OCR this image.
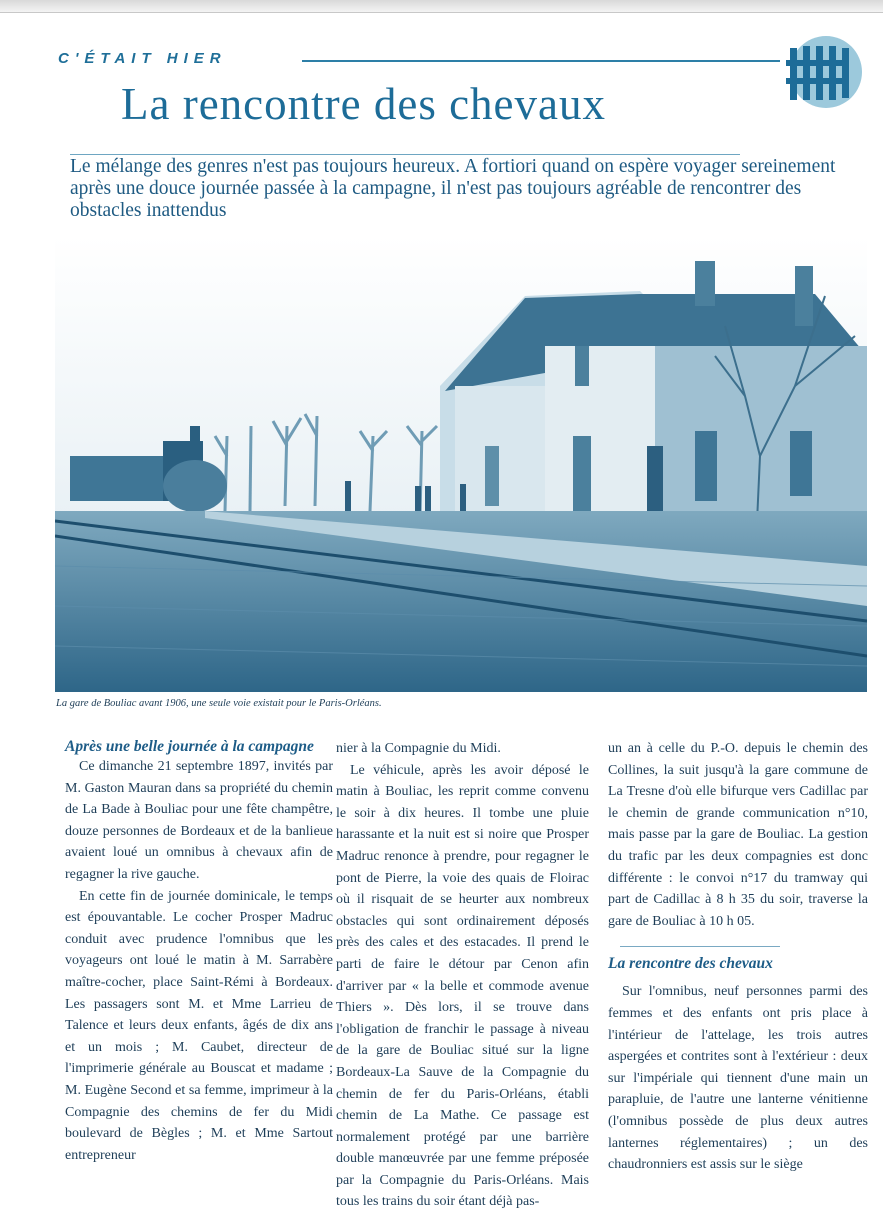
C'ÉTAIT HIER
La rencontre des chevaux
Le mélange des genres n'est pas toujours heureux. A fortiori quand on espère voyager sereinement après une douce journée passée à la campagne, il n'est pas toujours agréable de rencontrer des obstacles inattendus
La gare de Bouliac avant 1906, une seule voie existait pour le Paris-Orléans.
Après une belle journée à la campagne

Ce dimanche 21 septembre 1897, invités par M. Gaston Mauran dans sa propriété du chemin de La Bade à Bouliac pour une fête champêtre, douze personnes de Bordeaux et de la banlieue avaient loué un omnibus à chevaux afin de regagner la rive gauche.

En cette fin de journée dominicale, le temps est épouvantable. Le cocher Prosper Madruc conduit avec prudence l'omnibus que les voyageurs ont loué le matin à M. Sarrabère maître-cocher, place Saint-Rémi à Bordeaux. Les passagers sont M. et Mme Larrieu de Talence et leurs deux enfants, âgés de dix ans et un mois ; M. Caubet, directeur de l'imprimerie générale au Bouscat et madame ; M. Eugène Second et sa femme, imprimeur à la Compagnie des chemins de fer du Midi boulevard de Bègles ; M. et Mme Sartout entrepreneur

nier à la Compagnie du Midi.

Le véhicule, après les avoir déposé le matin à Bouliac, les reprit comme convenu le soir à dix heures. Il tombe une pluie harassante et la nuit est si noire que Prosper Madruc renonce à prendre, pour regagner le pont de Pierre, la voie des quais de Floirac où il risquait de se heurter aux nombreux obstacles qui sont ordinairement déposés près des cales et des estacades. Il prend le parti de faire le détour par Cenon afin d'arriver par « la belle et commode avenue Thiers ». Dès lors, il se trouve dans l'obligation de franchir le passage à niveau de la gare de Bouliac situé sur la ligne Bordeaux-La Sauve de la Compagnie du chemin de fer du Paris-Orléans, établi chemin de La Mathe. Ce passage est normalement protégé par une barrière double manœuvrée par une femme préposée par la Compagnie du Paris-Orléans. Mais tous les trains du soir étant déjà pas-

un an à celle du P.-O. depuis le chemin des Collines, la suit jusqu'à la gare commune de La Tresne d'où elle bifurque vers Cadillac par le chemin de grande communication n°10, mais passe par la gare de Bouliac. La gestion du trafic par les deux compagnies est donc différente : le convoi n°17 du tramway qui part de Cadillac à 8 h 35 du soir, traverse la gare de Bouliac à 10 h 05.

La rencontre des chevaux

Sur l'omnibus, neuf personnes parmi des femmes et des enfants ont pris place à l'intérieur de l'attelage, les trois autres aspergées et contrites sont à l'extérieur : deux sur l'impériale qui tiennent d'une main un parapluie, de l'autre une lanterne vénitienne (l'omnibus possède de plus deux autres lanternes réglementaires) ; un des chaudronniers est assis sur le siège
